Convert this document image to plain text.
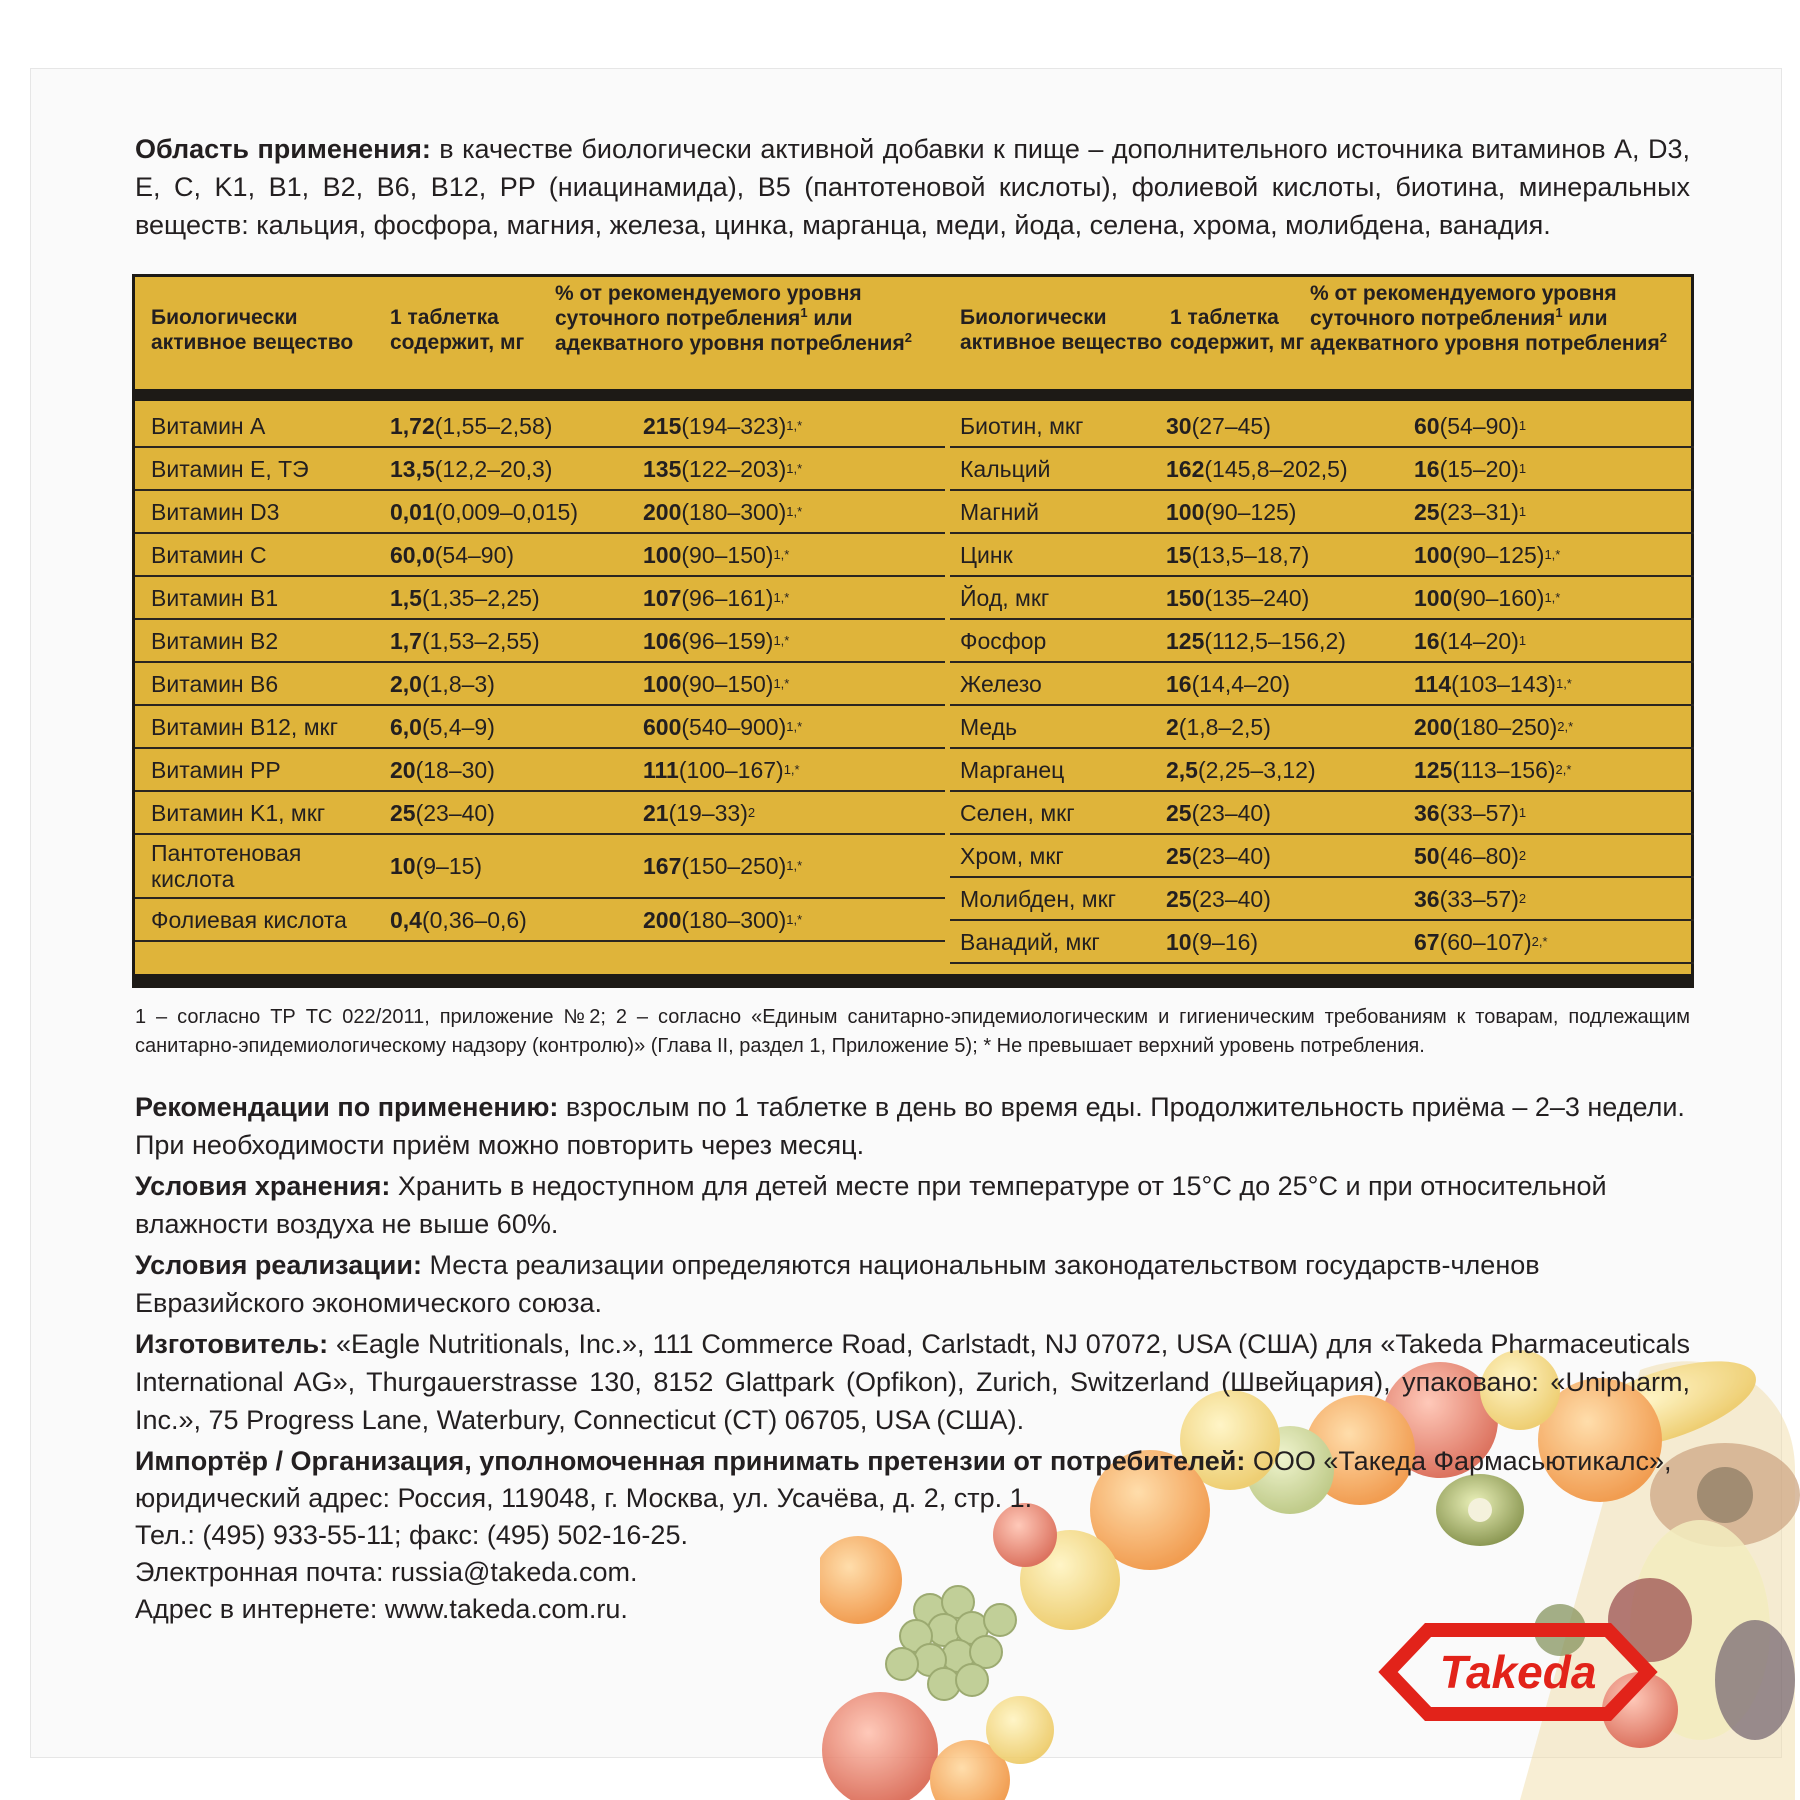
Область применения: в качестве биологически активной добавки к пище – дополнительного источника витаминов A, D3, E, C, K1, B1, B2, B6, B12, PP (ниацинамида), B5 (пантотеновой кислоты), фолиевой кислоты, биотина, минеральных веществ: кальция, фосфора, магния, железа, цинка, марганца, меди, йода, селена, хрома, молибдена, ванадия.
Биологически активное вещество
1 таблетка содержит, мг
% от рекомендуемого уровня суточного потребления$^1$ или адекватного уровня потребления$^2$
Витамин A	1,72 (1,55–2,58)	215 (194–323) 1,*
Витамин E, ТЭ	13,5 (12,2–20,3)	135 (122–203) 1,*
Витамин D3	0,01 (0,009–0,015)	200 (180–300) 1,*
Витамин C	60,0 (54–90)	100 (90–150) 1,*
Витамин B1	1,5 (1,35–2,25)	107 (96–161) 1,*
Витамин B2	1,7 (1,53–2,55)	106 (96–159) 1,*
Витамин B6	2,0 (1,8–3)	100 (90–150) 1,*
Витамин B12, мкг 6,0 (5,4–9)	600 (540–900) 1,*
Витамин PP	20 (18–30)	111 (100–167) 1,*
Витамин K1, мкг	25 (23–40)	21 (19–33) 2
Пантотеновая
кислота	10 (9–15)	167 (150–250) 1,*
Фолиевая кислота 0,4 (0,36–0,6)	200 (180–300) 1,*
Биологически активное вещество
1 таблетка содержит, мг
% от рекомендуемого уровня суточного потребления$^1$ или адекватного уровня потребления$^2$
Биотин, мкг	30 (27–45)	60 (54–90) 1
Кальций	162 (145,8–202,5)	16 (15–20) 1
Магний	100 (90–125)	25 (23–31) 1
Цинк	15 (13,5–18,7)	100 (90–125) 1,*
Йод, мкг	150 (135–240)	100 (90–160) 1,*
Фосфор	125 (112,5–156,2)	16 (14–20) 1
Железо	16 (14,4–20)	114 (103–143) 1,*
Медь	2 (1,8–2,5)	200 (180–250) 2,*
Марганец	2,5 (2,25–3,12)	125 (113–156) 2,*
Селен, мкг	25 (23–40)	36 (33–57) 1
Хром, мкг	25 (23–40)	50 (46–80) 2
Молибден, мкг 25 (23–40)	36 (33–57) 2
Ванадий, мкг	10 (9–16)	67 (60–107) 2,*
1 – согласно ТР ТС 022/2011, приложение №2; 2 – согласно «Единым санитарно-эпидемиологическим и гигиеническим требованиям к товарам, подлежащим санитарно-эпидемиологическому надзору (контролю)» (Глава II, раздел 1, Приложение 5); * Не превышает верхний уровень потребления.
Рекомендации по применению: взрослым по 1 таблетке в день во время еды. Продолжительность приёма – 2–3 недели. При необходимости приём можно повторить через месяц.
Условия хранения: Хранить в недоступном для детей месте при температуре от 15°С до 25°С и при относительной влажности воздуха не выше 60%.
Условия реализации: Места реализации определяются национальным законодательством государств-членов Евразийского экономического союза.
Изготовитель: «Eagle Nutritionals, Inc.», 111 Commerce Road, Carlstadt, NJ 07072, USA (США) для «Takeda Pharmaceuticals International AG», Thurgauerstrasse 130, 8152 Glattpark (Opfikon), Zurich, Switzerland (Швейцария), упаковано: «Unipharm, Inc.», 75 Progress Lane, Waterbury, Connecticut (CT) 06705, USA (США).
Импортёр / Организация, уполномоченная принимать претензии от потребителей: ООО «Такеда Фармасьютикалс», юридический адрес: Россия, 119048, г. Москва, ул. Усачёва, д. 2, стр. 1.
Тел.: (495) 933-55-11; факс: (495) 502-16-25.
Электронная почта: russia@takeda.com.
Адрес в интернете: www.takeda.com.ru.
Takeda
